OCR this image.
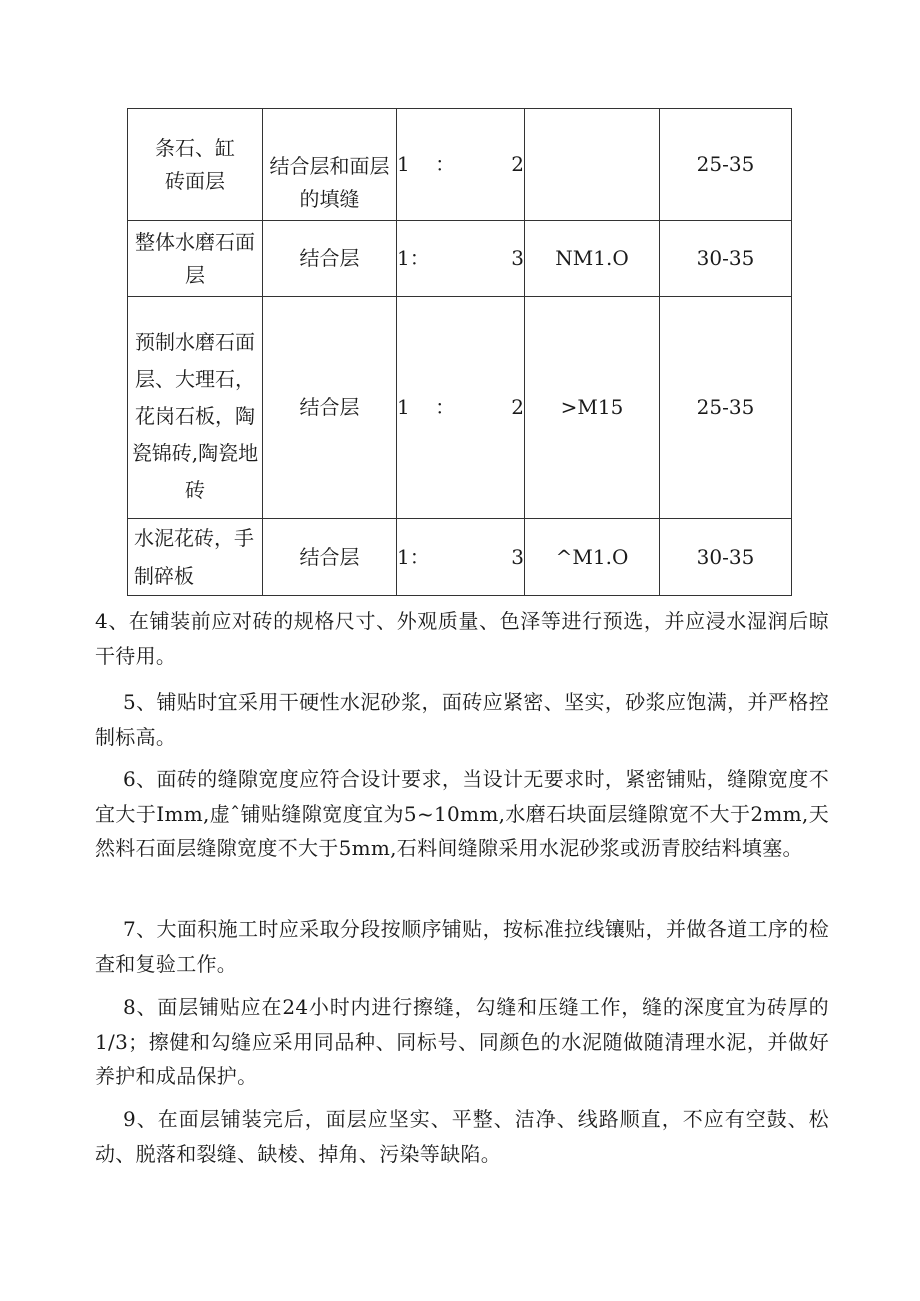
条石、缸砖面层	结合层和面层的填缝	1    ： 2		25-35
整体水磨石面层	结合层	1： 3	NM1.O	30-35
预制水磨石面层、大理石，花岗石板，陶瓷锦砖,陶瓷地砖	结合层	1    ： 2	>M15	25-35
水泥花砖，手制碎板	结合层	1： 3	^M1.O	30-35

4、在铺装前应对砖的规格尺寸、外观质量、色泽等进行预选，并应浸水湿润后晾干待用。

5、铺贴时宜采用干硬性水泥砂浆，面砖应紧密、坚实，砂浆应饱满，并严格控制标高。

6、面砖的缝隙宽度应符合设计要求，当设计无要求时，紧密铺贴，缝隙宽度不宜大于Imm,虚ˆ铺贴缝隙宽度宜为5~10mm,水磨石块面层缝隙宽不大于2mm,天然料石面层缝隙宽度不大于5mm,石料间缝隙采用水泥砂浆或沥青胶结料填塞。

7、大面积施工时应采取分段按顺序铺贴，按标准拉线镶贴，并做各道工序的检查和复验工作。

8、面层铺贴应在24小时内进行擦缝，勾缝和压缝工作，缝的深度宜为砖厚的1/3；擦健和勾缝应采用同品种、同标号、同颜色的水泥随做随清理水泥，并做好养护和成品保护。

9、在面层铺装完后，面层应坚实、平整、洁净、线路顺直，不应有空鼓、松动、脱落和裂缝、缺棱、掉角、污染等缺陷。
